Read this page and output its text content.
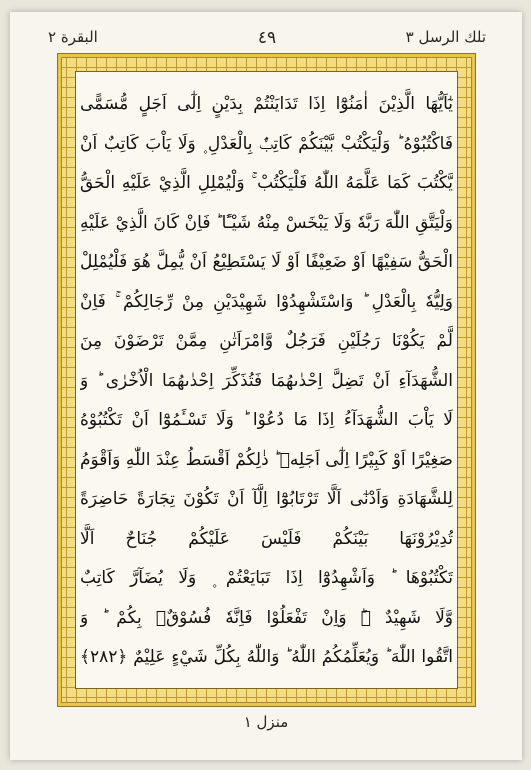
تلك الرسل ٣
٤٩
البقرة ٢
يٰٓاَيُّهَا الَّذِيْنَ اٰمَنُوْٓا اِذَا تَدَايَنْتُمْ بِدَيْنٍ اِلٰٓى اَجَلٍ مُّسَمًّى
فَاكْتُبُوْهُ ؕ وَلْيَكْتُبْ بَّيْنَكُمْ كَاتِبٌۢ بِالْعَدْلِ ۪ وَلَا يَاْبَ كَاتِبٌ اَنْ
يَّكْتُبَ كَمَا عَلَّمَهُ اللّٰهُ فَلْيَكْتُبْ ۚ وَلْيُمْلِلِ الَّذِيْ عَلَيْهِ الْحَقُّ
وَلْيَتَّقِ اللّٰهَ رَبَّهٗ وَلَا يَبْخَسْ مِنْهُ شَيْـًٔا ؕ فَاِنْ كَانَ الَّذِيْ عَلَيْهِ
الْحَقُّ سَفِيْهًا اَوْ ضَعِيْفًا اَوْ لَا يَسْتَطِيْعُ اَنْ يُّمِلَّ هُوَ فَلْيُمْلِلْ
وَلِيُّهٗ بِالْعَدْلِ ؕ وَاسْتَشْهِدُوْا شَهِيْدَيْنِ مِنْ رِّجَالِكُمْ ۚ فَاِنْ
لَّمْ يَكُوْنَا رَجُلَيْنِ فَرَجُلٌ وَّامْرَاَتٰنِ مِمَّنْ تَرْضَوْنَ مِنَ
الشُّهَدَآءِ اَنْ تَضِلَّ اِحْدٰىهُمَا فَتُذَكِّرَ اِحْدٰىهُمَا الْاُخْرٰى ؕ وَ
لَا يَاْبَ الشُّهَدَآءُ اِذَا مَا دُعُوْا ؕ وَلَا تَسْـَٔمُوْٓا اَنْ تَكْتُبُوْهُ
صَغِيْرًا اَوْ كَبِيْرًا اِلٰٓى اَجَلِهٖ ؕ ذٰلِكُمْ اَقْسَطُ عِنْدَ اللّٰهِ وَاَقْوَمُ
لِلشَّهَادَةِ وَاَدْنٰٓى اَلَّا تَرْتَابُوْٓا اِلَّآ اَنْ تَكُوْنَ تِجَارَةً حَاضِرَةً
تُدِيْرُوْنَهَا بَيْنَكُمْ فَلَيْسَ عَلَيْكُمْ جُنَاحٌ اَلَّا
تَكْتُبُوْهَا ؕ وَاَشْهِدُوْٓا اِذَا تَبَايَعْتُمْ ۪ وَلَا يُضَآرَّ كَاتِبٌ
وَّلَا شَهِيْدٌ ۬ؕ وَاِنْ تَفْعَلُوْا فَاِنَّهٗ فُسُوْقٌۢ بِكُمْ ؕ وَ
اتَّقُوا اللّٰهَ ؕ وَيُعَلِّمُكُمُ اللّٰهُ ؕ وَاللّٰهُ بِكُلِّ شَيْءٍ عَلِيْمٌ ﴿۲۸۲﴾
منزل ١
